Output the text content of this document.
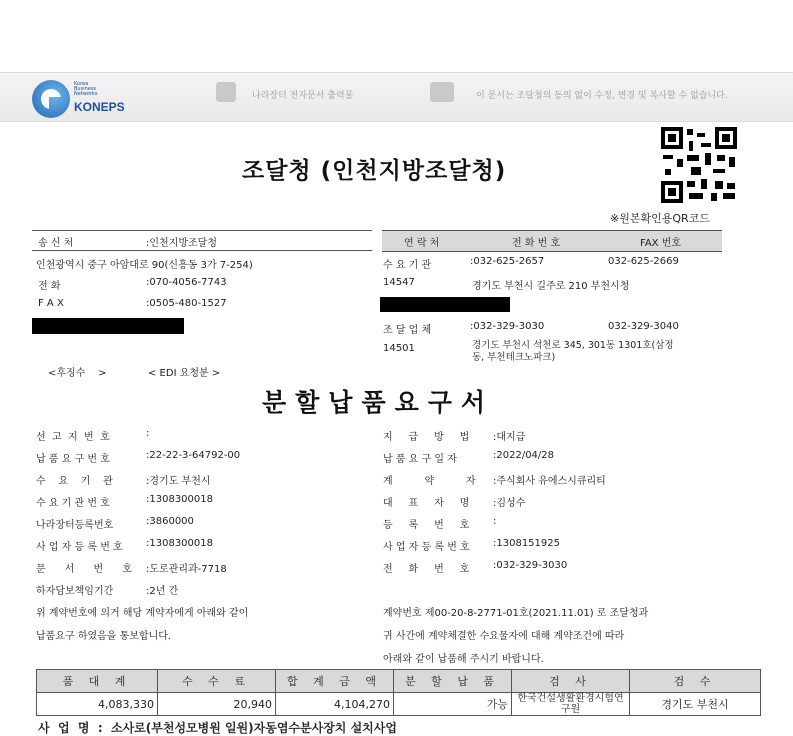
Korea
Business
Networks
KONEPS
나라장터 전자문서 출력물	이 문서는 조달청의 동의 없이 수정, 변경 및 복사할 수 없습니다.
조달청 (인천지방조달청)
※원본확인용QR코드
송 신 처	:인천지방조달청
인천광역시 중구 아암대로 90(신흥동 3가 7-254)
전 화	:070-4056-7743
F A X	:0505-480-1527
연 락 처	전 화 번 호	FAX 번호
수 요 기 관	:032-625-2657	032-625-2669
14547	경기도 부천시 길주로 210 부천시청
조 달 업 체	:032-329-3030	032-329-3040
14501	경기도 부천시 석천로 345, 301동 1301호(삼정
동, 부천테크노파크)
<후징수    >	< EDI 요청분 >
분할납품요구서
선  고  지  번  호	:
납 품 요 구 번 호	:22-22-3-64792-00
수    요    기    관	:경기도 부천시
수 요 기 관 번 호	:1308300018
나라장터등록번호	:3860000
사 업 자 등 록 번 호 :1308300018
문      서      번      호 :도로관리과-7718
하자담보책임기간	:2년 간
지     급     방     법 :대지급
납 품 요 구 일 자	:2022/04/28
계          약          자 :주식회사 유에스시큐리티
대     표     자     명 :김성수
등     록     번     호 :
사 업 자 등 록 번 호 :1308151925
전     화     번     호 :032-329-3030
위 계약번호에 의거 해당 계약자에게 아래와 같이
납품요구 하였음을 통보합니다.
계약번호 제00-20-8-2771-01호(2021.11.01) 로 조달청과
귀 사간에 계약체결한 수요물자에 대해 계약조건에 따라
아래와 같이 납품해 주시기 바랍니다.
품 대 계	수 수 료	합 계 금 액	분 할 납 품	검 사	검 수
4,083,330	20,940	4,104,270	가능	한국건설생활환경시험연구원	경기도 부천시
사  업  명  :  소사로(부천성모병원 일원)자동염수분사장치 설치사업
